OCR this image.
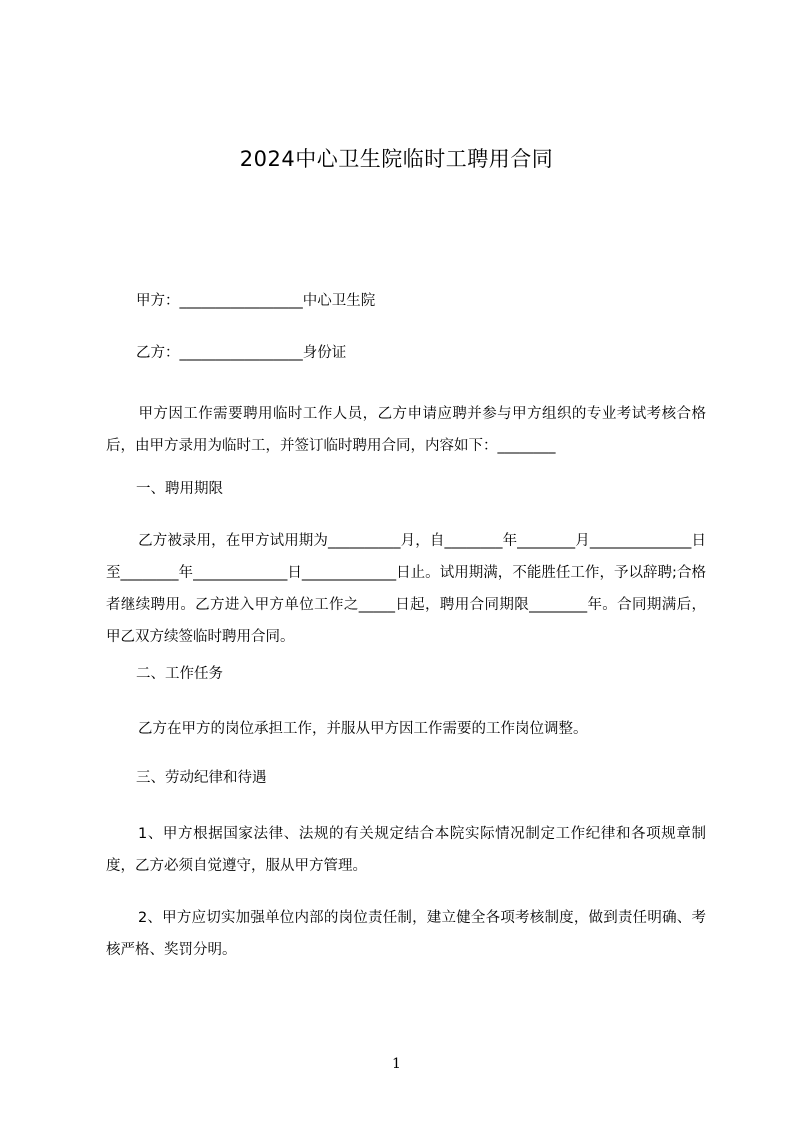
2024中心卫生院临时工聘用合同
甲方：_________________中心卫生院
乙方：_________________身份证
甲方因工作需要聘用临时工作人员，乙方申请应聘并参与甲方组织的专业考试考核合格后，由甲方录用为临时工，并签订临时聘用合同，内容如下：________
一、聘用期限
乙方被录用，在甲方试用期为__________月，自________年________月______________日至________年_____________日_____________日止。试用期满，不能胜任工作，予以辞聘;合格者继续聘用。乙方进入甲方单位工作之_____日起，聘用合同期限________年。合同期满后，甲乙双方续签临时聘用合同。
二、工作任务
乙方在甲方的岗位承担工作，并服从甲方因工作需要的工作岗位调整。
三、劳动纪律和待遇
1、甲方根据国家法律、法规的有关规定结合本院实际情况制定工作纪律和各项规章制度，乙方必须自觉遵守，服从甲方管理。
2、甲方应切实加强单位内部的岗位责任制，建立健全各项考核制度，做到责任明确、考核严格、奖罚分明。
1
